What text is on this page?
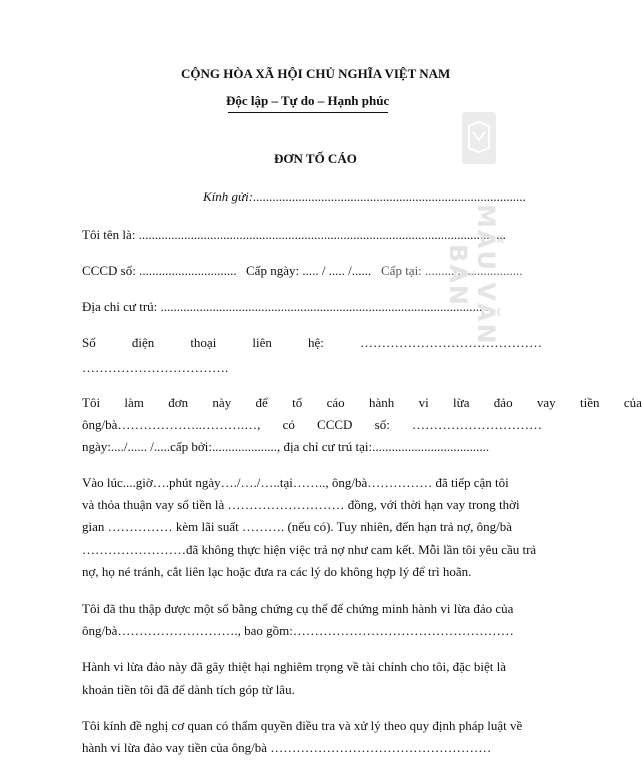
CỘNG HÒA XÃ HỘI CHỦ NGHĨA VIỆT NAM
Độc lập – Tự do – Hạnh phúc
ĐƠN TỐ CÁO
Kính gửi:....................................................................................
Tôi tên là: .................................................................................................................
CCCD số: .............................. Cấp ngày: ..... / ..... /...... Cấp tại: ..............................
Địa chỉ cư trú: .......................................................................................................
Số	điện	thoại	liên	hệ:	……………………………………
…………………………….
Tôi làm đơn này để tố cáo hành vi lừa đảo vay tiền của
ông/bà………………..……….…, có CCCD số: …………………………
ngày:..../...... /.....cấp bởi:...................., địa chỉ cư trú tại:....................................
Vào lúc....giờ….phút ngày…./…./…..tại…….., ông/bà…………… đã tiếp cận tôi
và thỏa thuận vay số tiền là ……………………… đồng, với thời hạn vay trong thời
gian …………… kèm lãi suất ………. (nếu có). Tuy nhiên, đến hạn trả nợ, ông/bà
……………………đã không thực hiện việc trả nợ như cam kết. Mỗi lần tôi yêu cầu trả
nợ, họ né tránh, cắt liên lạc hoặc đưa ra các lý do không hợp lý để trì hoãn.
Tôi đã thu thập được một số bằng chứng cụ thể để chứng minh hành vi lừa đảo của
ông/bà………………………., bao gồm:……………………………………………
Hành vi lừa đảo này đã gây thiệt hại nghiêm trọng về tài chính cho tôi, đặc biệt là
khoản tiền tôi đã để dành tích góp từ lâu.
Tôi kính đề nghị cơ quan có thẩm quyền điều tra và xử lý theo quy định pháp luật về
hành vi lừa đảo vay tiền của ông/bà ……………………………………………
MẪU VĂN BẢN
